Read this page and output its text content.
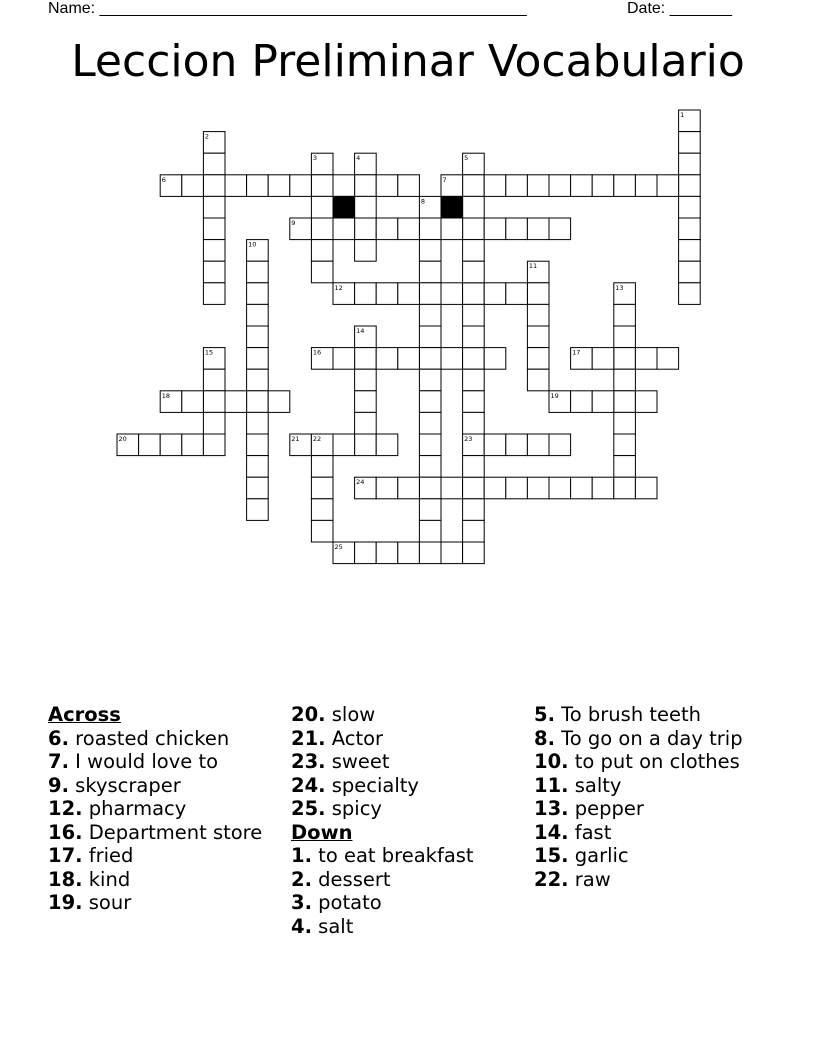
Name: ________________________________________________	Date: _______
Leccion Preliminar Vocabulario
1
2
3	4	5
6	7
8
9
10
11
12	13
14
15	16	17
18	19
20	21 22	23
24
25
Across
6. roasted chicken
7. I would love to
9. skyscraper
12. pharmacy
16. Department store
17. fried
18. kind
19. sour
20. slow
21. Actor
23. sweet
24. specialty
25. spicy
Down
1. to eat breakfast
2. dessert
3. potato
4. salt
5. To brush teeth
8. To go on a day trip
10. to put on clothes
11. salty
13. pepper
14. fast
15. garlic
22. raw
